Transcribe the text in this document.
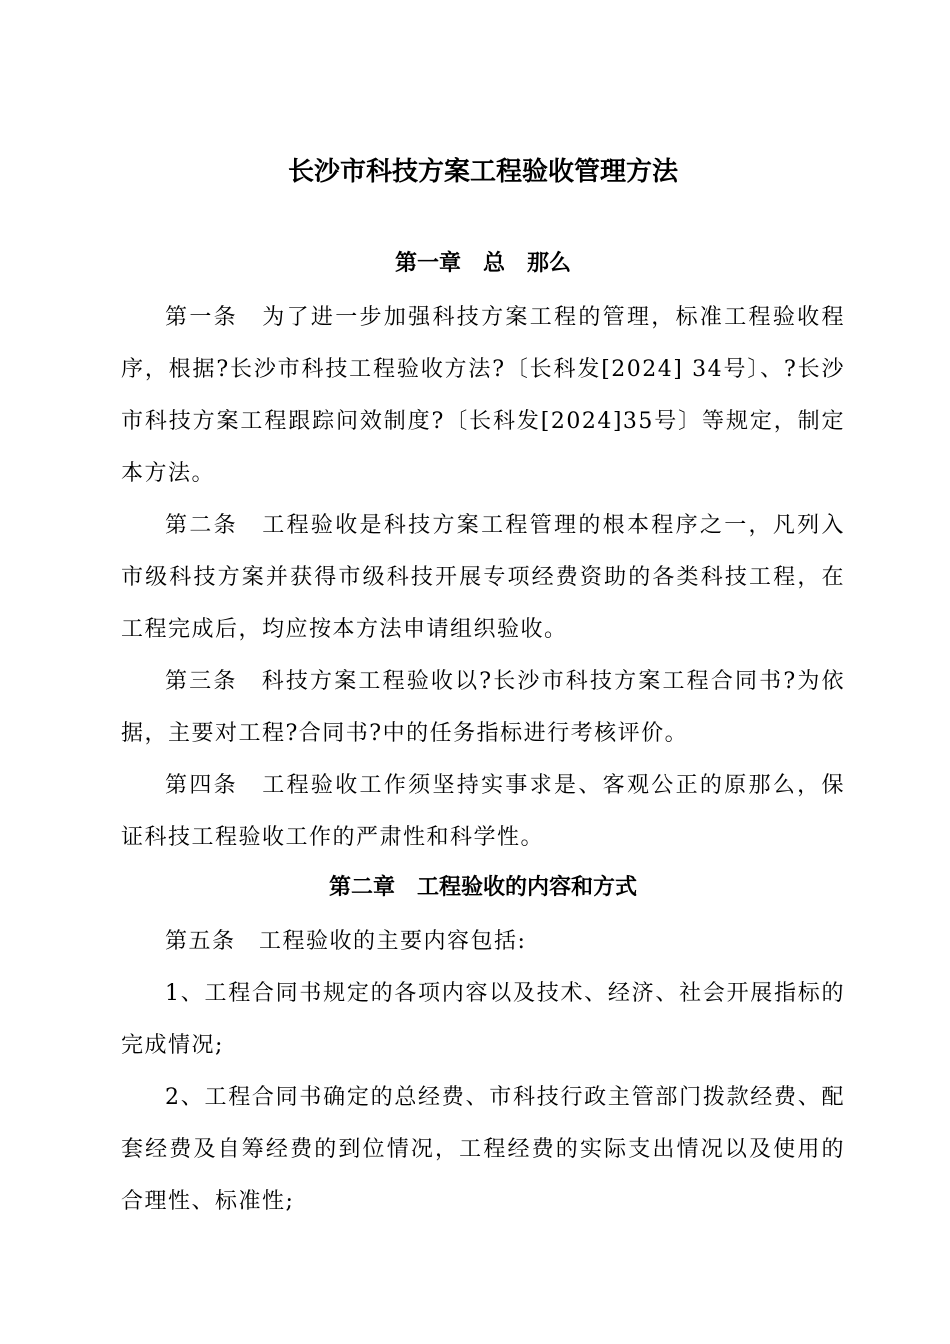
长沙市科技方案工程验收管理方法
第一章　总　那么

第一条　为了进一步加强科技方案工程的管理，标准工程验收程序，根据?长沙市科技工程验收方法?〔长科发[2024] 34号〕、?长沙市科技方案工程跟踪问效制度?〔长科发[2024]35号〕等规定，制定本方法。

第二条　工程验收是科技方案工程管理的根本程序之一，凡列入市级科技方案并获得市级科技开展专项经费资助的各类科技工程，在工程完成后，均应按本方法申请组织验收。

第三条　科技方案工程验收以?长沙市科技方案工程合同书?为依据，主要对工程?合同书?中的任务指标进行考核评价。

第四条　工程验收工作须坚持实事求是、客观公正的原那么，保证科技工程验收工作的严肃性和科学性。

第二章　工程验收的内容和方式

第五条　工程验收的主要内容包括:

1、工程合同书规定的各项内容以及技术、经济、社会开展指标的完成情况;

2、工程合同书确定的总经费、市科技行政主管部门拨款经费、配套经费及自筹经费的到位情况，工程经费的实际支出情况以及使用的合理性、标准性;
